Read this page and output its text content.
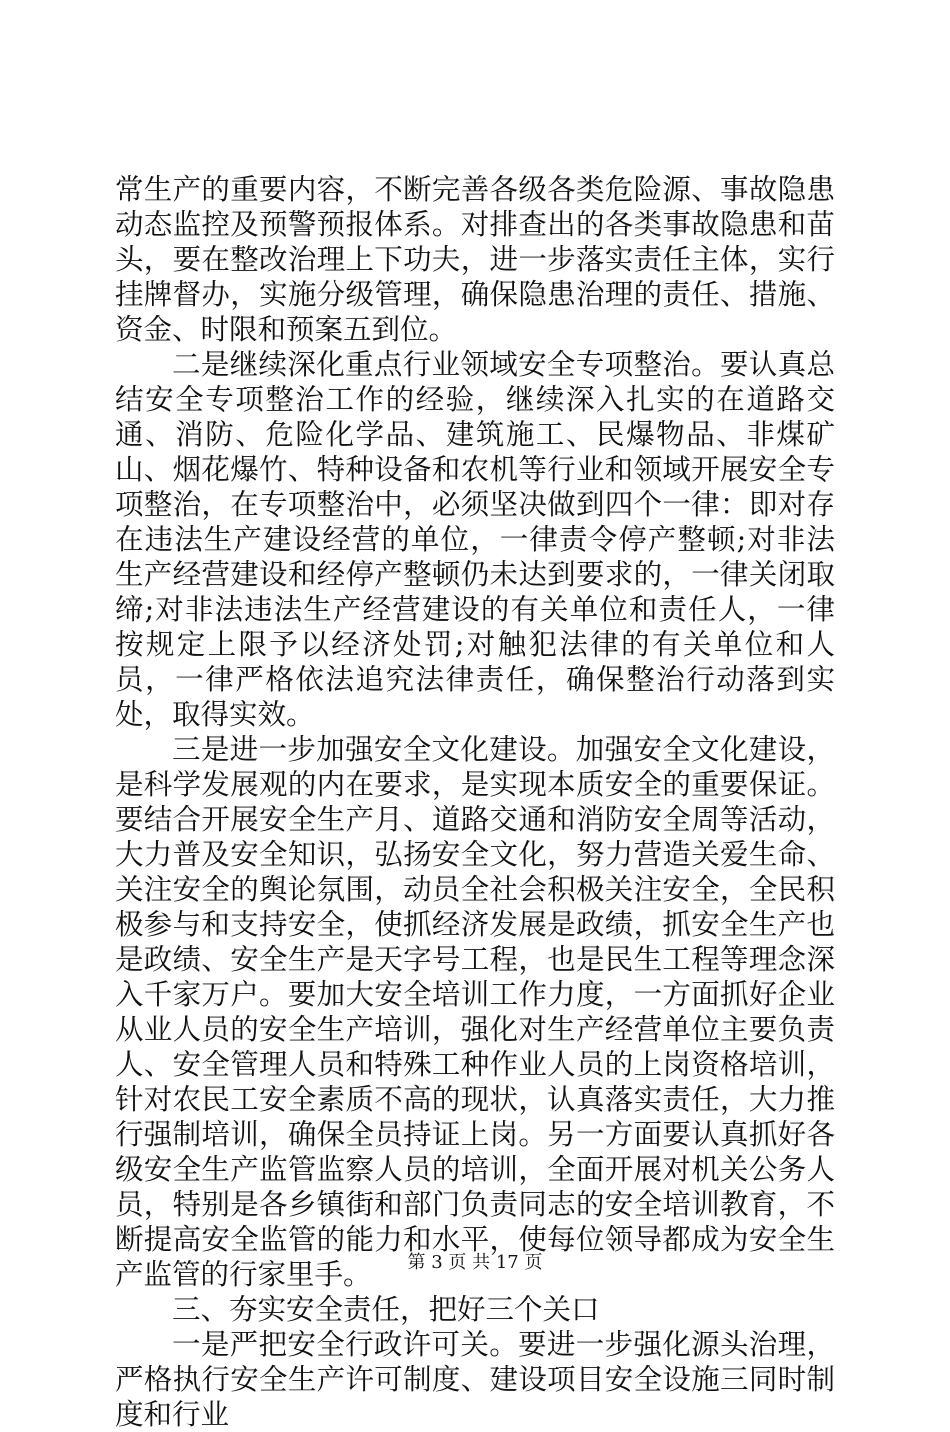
常生产的重要内容，不断完善各级各类危险源、事故隐患动态监控及预警预报体系。对排查出的各类事故隐患和苗头，要在整改治理上下功夫，进一步落实责任主体，实行挂牌督办，实施分级管理，确保隐患治理的责任、措施、资金、时限和预案五到位。

二是继续深化重点行业领域安全专项整治。要认真总结安全专项整治工作的经验，继续深入扎实的在道路交通、消防、危险化学品、建筑施工、民爆物品、非煤矿山、烟花爆竹、特种设备和农机等行业和领域开展安全专项整治，在专项整治中，必须坚决做到四个一律：即对存在违法生产建设经营的单位，一律责令停产整顿;对非法生产经营建设和经停产整顿仍未达到要求的，一律关闭取缔;对非法违法生产经营建设的有关单位和责任人，一律按规定上限予以经济处罚;对触犯法律的有关单位和人员，一律严格依法追究法律责任，确保整治行动落到实处，取得实效。

三是进一步加强安全文化建设。加强安全文化建设，是科学发展观的内在要求，是实现本质安全的重要保证。要结合开展安全生产月、道路交通和消防安全周等活动，大力普及安全知识，弘扬安全文化，努力营造关爱生命、关注安全的舆论氛围，动员全社会积极关注安全，全民积极参与和支持安全，使抓经济发展是政绩，抓安全生产也是政绩、安全生产是天字号工程，也是民生工程等理念深入千家万户。要加大安全培训工作力度，一方面抓好企业从业人员的安全生产培训，强化对生产经营单位主要负责人、安全管理人员和特殊工种作业人员的上岗资格培训，针对农民工安全素质不高的现状，认真落实责任，大力推行强制培训，确保全员持证上岗。另一方面要认真抓好各级安全生产监管监察人员的培训，全面开展对机关公务人员，特别是各乡镇街和部门负责同志的安全培训教育，不断提高安全监管的能力和水平，使每位领导都成为安全生产监管的行家里手。

三、夯实安全责任，把好三个关口

一是严把安全行政许可关。要进一步强化源头治理，严格执行安全生产许可制度、建设项目安全设施三同时制度和行业

第 3 页 共 17 页
